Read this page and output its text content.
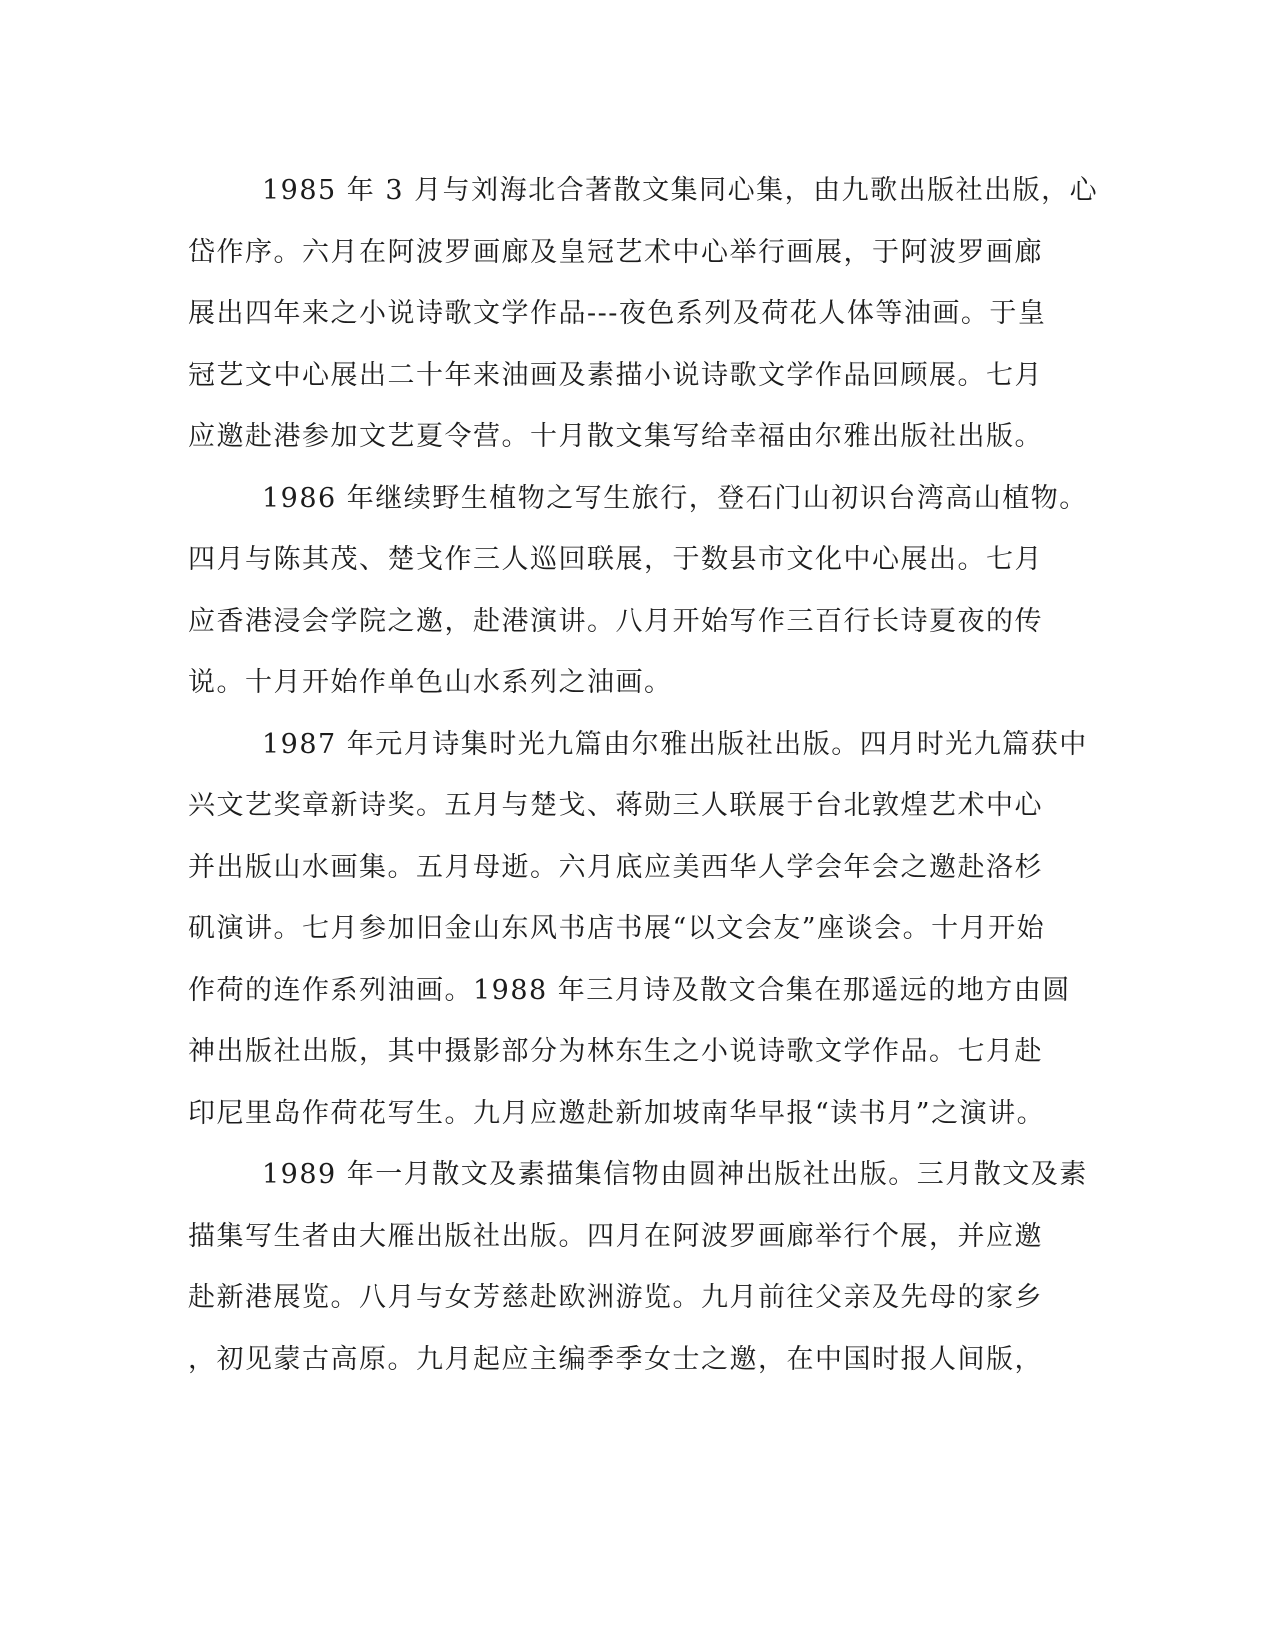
1985 年 3 月与刘海北合著散文集同心集，由九歌出版社出版，心
岱作序。六月在阿波罗画廊及皇冠艺术中心举行画展，于阿波罗画廊
展出四年来之小说诗歌文学作品---夜色系列及荷花人体等油画。于皇
冠艺文中心展出二十年来油画及素描小说诗歌文学作品回顾展。七月
应邀赴港参加文艺夏令营。十月散文集写给幸福由尔雅出版社出版。
1986 年继续野生植物之写生旅行，登石门山初识台湾高山植物。
四月与陈其茂、楚戈作三人巡回联展，于数县市文化中心展出。七月
应香港浸会学院之邀，赴港演讲。八月开始写作三百行长诗夏夜的传
说。十月开始作单色山水系列之油画。
1987 年元月诗集时光九篇由尔雅出版社出版。四月时光九篇获中
兴文艺奖章新诗奖。五月与楚戈、蒋勋三人联展于台北敦煌艺术中心
并出版山水画集。五月母逝。六月底应美西华人学会年会之邀赴洛杉
矶演讲。七月参加旧金山东风书店书展“以文会友”座谈会。十月开始
作荷的连作系列油画。1988 年三月诗及散文合集在那遥远的地方由圆
神出版社出版，其中摄影部分为林东生之小说诗歌文学作品。七月赴
印尼里岛作荷花写生。九月应邀赴新加坡南华早报“读书月”之演讲。
1989 年一月散文及素描集信物由圆神出版社出版。三月散文及素
描集写生者由大雁出版社出版。四月在阿波罗画廊举行个展，并应邀
赴新港展览。八月与女芳慈赴欧洲游览。九月前往父亲及先母的家乡
，初见蒙古高原。九月起应主编季季女士之邀，在中国时报人间版，
